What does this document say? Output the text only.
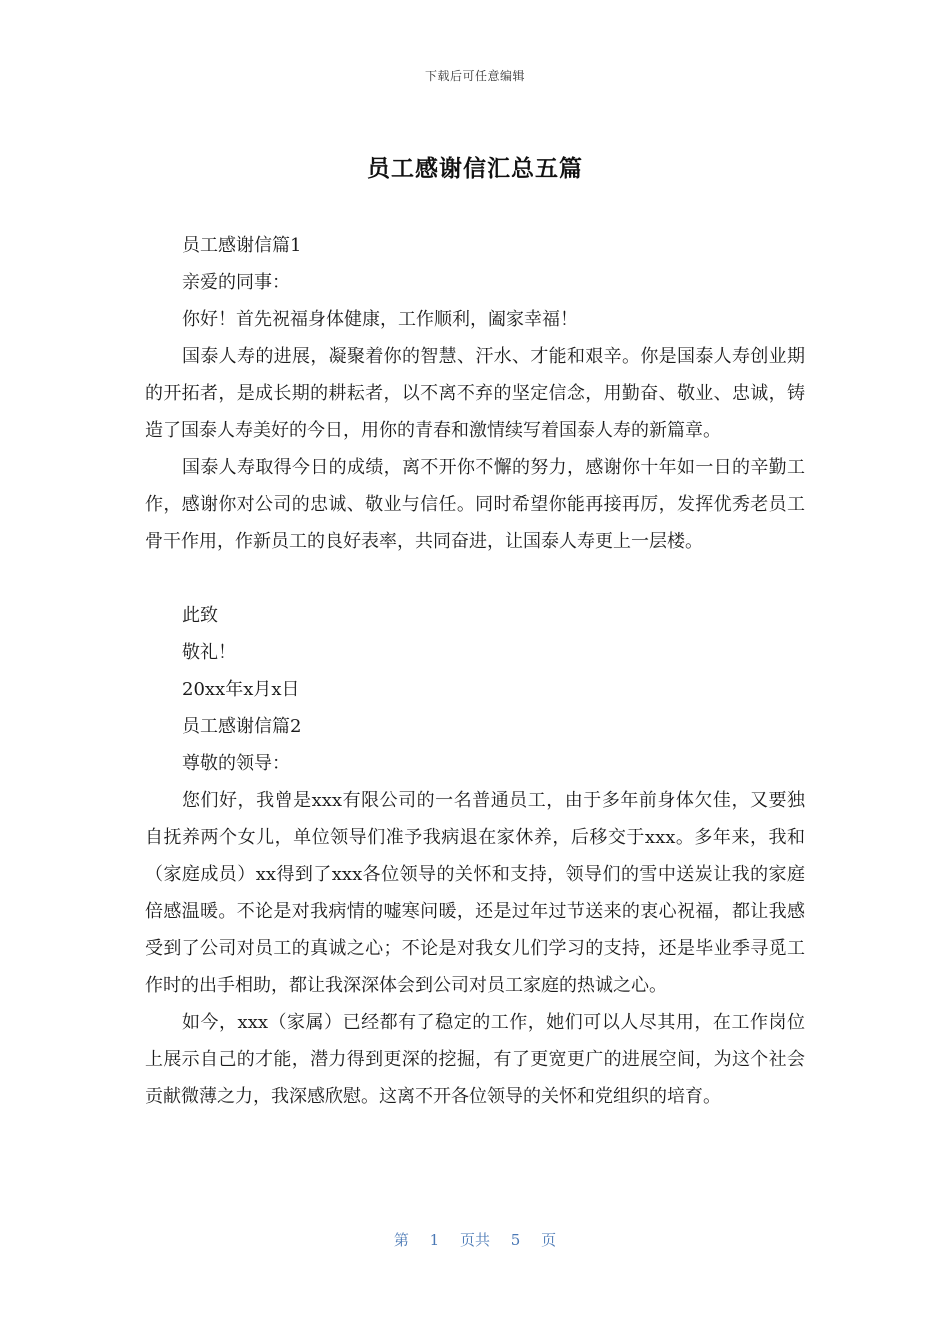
下载后可任意编辑
员工感谢信汇总五篇

员工感谢信篇1

亲爱的同事：

你好！首先祝福身体健康，工作顺利，阖家幸福！

国泰人寿的进展，凝聚着你的智慧、汗水、才能和艰辛。你是国泰人寿创业期的开拓者，是成长期的耕耘者，以不离不弃的坚定信念，用勤奋、敬业、忠诚，铸造了国泰人寿美好的今日，用你的青春和激情续写着国泰人寿的新篇章。

国泰人寿取得今日的成绩，离不开你不懈的努力，感谢你十年如一日的辛勤工作，感谢你对公司的忠诚、敬业与信任。同时希望你能再接再厉，发挥优秀老员工骨干作用，作新员工的良好表率，共同奋进，让国泰人寿更上一层楼。

此致

敬礼！

20xx年x月x日

员工感谢信篇2

尊敬的领导：

您们好，我曾是xxx有限公司的一名普通员工，由于多年前身体欠佳，又要独自抚养两个女儿，单位领导们准予我病退在家休养，后移交于xxx。多年来，我和（家庭成员）xx得到了xxx各位领导的关怀和支持，领导们的雪中送炭让我的家庭倍感温暖。不论是对我病情的嘘寒问暖，还是过年过节送来的衷心祝福，都让我感受到了公司对员工的真诚之心；不论是对我女儿们学习的支持，还是毕业季寻觅工作时的出手相助，都让我深深体会到公司对员工家庭的热诚之心。

如今，xxx（家属）已经都有了稳定的工作，她们可以人尽其用，在工作岗位上展示自己的才能，潜力得到更深的挖掘，有了更宽更广的进展空间，为这个社会贡献微薄之力，我深感欣慰。这离不开各位领导的关怀和党组织的培育。

第 1 页共 5 页
